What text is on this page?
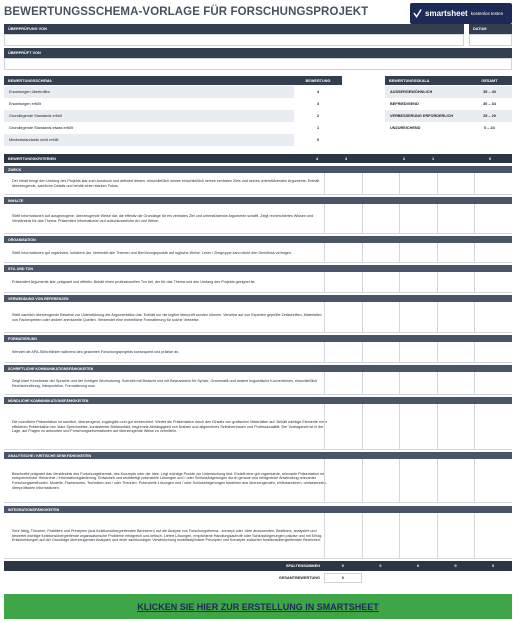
BEWERTUNGSSCHEMA-VORLAGE FÜR FORSCHUNGSPROJEKT	smartsheet kostenlos testen
ÜBERPRÜFUNG VON	DATUM
ÜBERPRÜFT VON
BEWERTUNGSSCHEMA	BEWERTUNG
Erwartungen übertroffen	4
Erwartungen erfüllt	3
Grundlegende Standards erfüllt	2
Grundlegende Standards etwas erfüllt	1
Mindeststandards nicht erfüllt	0
BEWERTUNGSSKALA	GESAMT
AUSSERGEWÖHNLICH	35 – 40
BEFRIEDIGEND	30 – 34
VERBESSERUNG ERFORDERLICH	25 – 29
UNZUREICHEND	0 – 24
BEWERTUNGSKRITERIEN	4	3	2	1	0
ZWECK
Der Inhalt bringt den Umfang des Projekts klar zum Ausdruck und definiert diesen, einschließlich seines einschließlich seines zentralen Ziels und seines unterstützenden Arguments. Enthält überzeugende, sachliche Details und behält einen starken Fokus.
INHALTE
Stellt Informationen auf ausgewogene, überzeugende Weise dar, die effektiv die Grundlage für ein zentrales Ziel und unterstützende Argumente schafft. Zeigt recherchiertes Wissen und Verständnis für das Thema. Präsentiert Informationen auf aufschlussreiche Art und Weise.
ORGANISATION
Stellt Informationen gut organisiert, kohärent dar. Verbindet alle Themen und Berührungspunkte auf logische Weise. Leser / Zielgruppe kann leicht den Denkfluss verfolgen.
STIL UND TON
Präsentiert Argumente klar, prägnant und effektiv. Behält einen professionellen Ton bei, der für das Thema und den Umfang des Projekts geeignet ist.
VERWENDUNG VON REFERENZEN
Stellt sachlich überzeugende Beweise zur Unterstützung der Argumentation dar. Enthält nur die legitim überprüft worden können. Verweist auf von Experten geprüfte Zeitschriften, Materialien von Fachexperten oder andere anerkannte Quellen. Verwendet eine einheitliche Formatierung für solche Verweise.
FORMATIERUNG
Wendet die APA-Stilrichtlinien während des gesamten Forschungsprojekts konsequent und präzise an.
SCHRIFTLICHE KOMMUNIKATIONSFÄHIGKEITEN
Zeigt klare Kenntnisse der Sprache und der richtigen Wortnutzung. Schreibt mit Bedacht und mit Bewusstsein für Syntax, Grammatik und andere linguistische Konventionen, einschließlich Rechtschreibung, Interpunktion, Formatierung usw.
MÜNDLICHE KOMMUNIKATIONSFÄHIGKEITEN
Die mündliche Präsentation ist sachlich, überzeugend, zugänglich und gut recherchiert. Wertet die Präsentation durch den Einsatz von grafischen Materialien auf. Behält wichtige Elemente einer effektiven Präsentation bei: klare Sprechweise, konsistenter Blickkontakt, begrenzte Abhängigkeit von Notizen und allgemeines Selbstvertrauen und Professionalität. Der Vortragende ist in der Lage, auf Fragen zu antworten und Forschungsinformationen auf überzeugende Weise zu vermitteln.
ANALYTISCHE / KRITISCHE DENKFÄHIGKEITEN
Beschreibt prägnant das Verständnis des Forschungsthemas, des Konzepts oder der Idee. Legt wichtige Punkte zur Untersuchung fest. Erstellt eine gut organisierte, relevante Präsentation mit entsprechender Hierarchie / Informationsgliederung. Entwickelt und rechtfertigt potenzielle Lösungen und / oder Schlussfolgerungen durch genaue und erfolgreiche Anwendung relevanter Forschungsmethoden, Modelle, Frameworks, Techniken und / oder Theorien. Potenzielle Lösungen und / oder Schlussfolgerungen bestehen aus überzeugenden, einflussreichen, umfassenden, überprüfbaren Informationen.
INTEGRATIONSFÄHIGKEITEN
Sehr fähig, Theorien, Praktiken und Prinzipien (aus funktionsübergreifenden Bereichen) auf die Analyse von Forschungsthema, -konzept oder -idee anzuwenden. Bestimmt, analysiert und bewertet wichtige funktionsübergreifende organisatorische Probleme erfolgreich und kritisch. Liefert Lösungen, empfohlene Handlungsaufrufe oder Schlussfolgerungen präzise und mit Erfolg. Entscheidungen auf der Grundlage überzeugender Analysen und einer sachkundigen Verwirklichung multidisziplinärer Prinzipien und Konzepte zwischen funktionsübergreifenden Bereichen.
SPALTENSUMMEN	0	0	0	0	0
GESAMTBEWERTUNG	0
KLICKEN SIE HIER ZUR ERSTELLUNG IN SMARTSHEET
